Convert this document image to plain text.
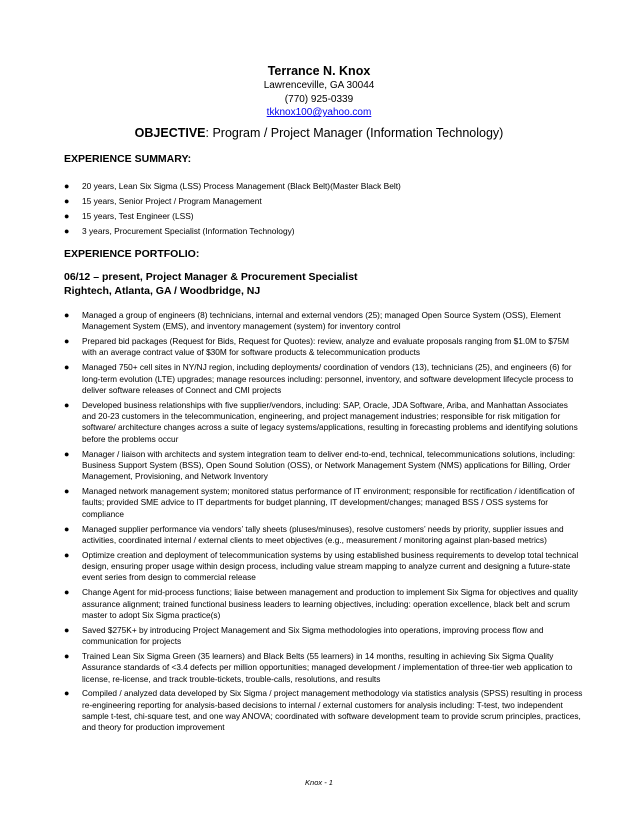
Terrance N. Knox
Lawrenceville, GA 30044
(770) 925-0339
tkknox100@yahoo.com
OBJECTIVE: Program / Project Manager (Information Technology)
EXPERIENCE SUMMARY:
● 20 years, Lean Six Sigma (LSS) Process Management (Black Belt)(Master Black Belt)
● 15 years, Senior Project / Program Management
● 15 years, Test Engineer (LSS)
● 3 years, Procurement Specialist (Information Technology)
EXPERIENCE PORTFOLIO:
06/12 – present, Project Manager & Procurement Specialist
Rightech, Atlanta, GA / Woodbridge, NJ
● Managed a group of engineers (8) technicians, internal and external vendors (25); managed Open Source System (OSS), Element Management System (EMS), and inventory management (system) for inventory control
● Prepared bid packages (Request for Bids, Request for Quotes): review, analyze and evaluate proposals ranging from $1.0M to $75M with an average contract value of $30M for software products & telecommunication products
● Managed 750+ cell sites in NY/NJ region, including deployments/ coordination of vendors (13), technicians (25), and engineers (6) for long-term evolution (LTE) upgrades; manage resources including: personnel, inventory, and software development lifecycle process to deliver software releases of Connect and CMI projects
● Developed business relationships with five supplier/vendors, including: SAP, Oracle, JDA Software, Ariba, and Manhattan Associates and 20-23 customers in the telecommunication, engineering, and project management industries; responsible for risk mitigation for software/ architecture changes across a suite of legacy systems/applications, resulting in forecasting problems and identifying solutions before the problems occur
● Manager / liaison with architects and system integration team to deliver end-to-end, technical, telecommunications solutions, including: Business Support System (BSS), Open Sound Solution (OSS), or Network Management System (NMS) applications for Billing, Order Management, Provisioning, and Network Inventory
● Managed network management system; monitored status performance of IT environment; responsible for rectification / identification of faults; provided SME advice to IT departments for budget planning, IT development/changes; managed BSS / OSS systems for compliance
● Managed supplier performance via vendors’ tally sheets (pluses/minuses), resolve customers’ needs by priority, supplier issues and activities, coordinated internal / external clients to meet objectives (e.g., measurement / monitoring against plan-based metrics)
● Optimize creation and deployment of telecommunication systems by using established business requirements to develop total technical design, ensuring proper usage within design process, including value stream mapping to analyze current and designing a future-state event series from design to commercial release
● Change Agent for mid-process functions; liaise between management and production to implement Six Sigma for objectives and quality assurance alignment; trained functional business leaders to learning objectives, including: operation excellence, black belt and scrum master to adopt Six Sigma practice(s)
● Saved $275K+ by introducing Project Management and Six Sigma methodologies into operations, improving process flow and communication for projects
● Trained Lean Six Sigma Green (35 learners) and Black Belts (55 learners) in 14 months, resulting in achieving Six Sigma Quality Assurance standards of <3.4 defects per million opportunities; managed development / implementation of three-tier web application to license, re-license, and track trouble-tickets, trouble-calls, resolutions, and results
● Compiled / analyzed data developed by Six Sigma / project management methodology via statistics analysis (SPSS) resulting in process re-engineering reporting for analysis-based decisions to internal / external customers for analysis including: T-test, two independent sample t-test, chi-square test, and one way ANOVA; coordinated with software development team to provide scrum principles, practices, and theory for production improvement
Knox - 1
